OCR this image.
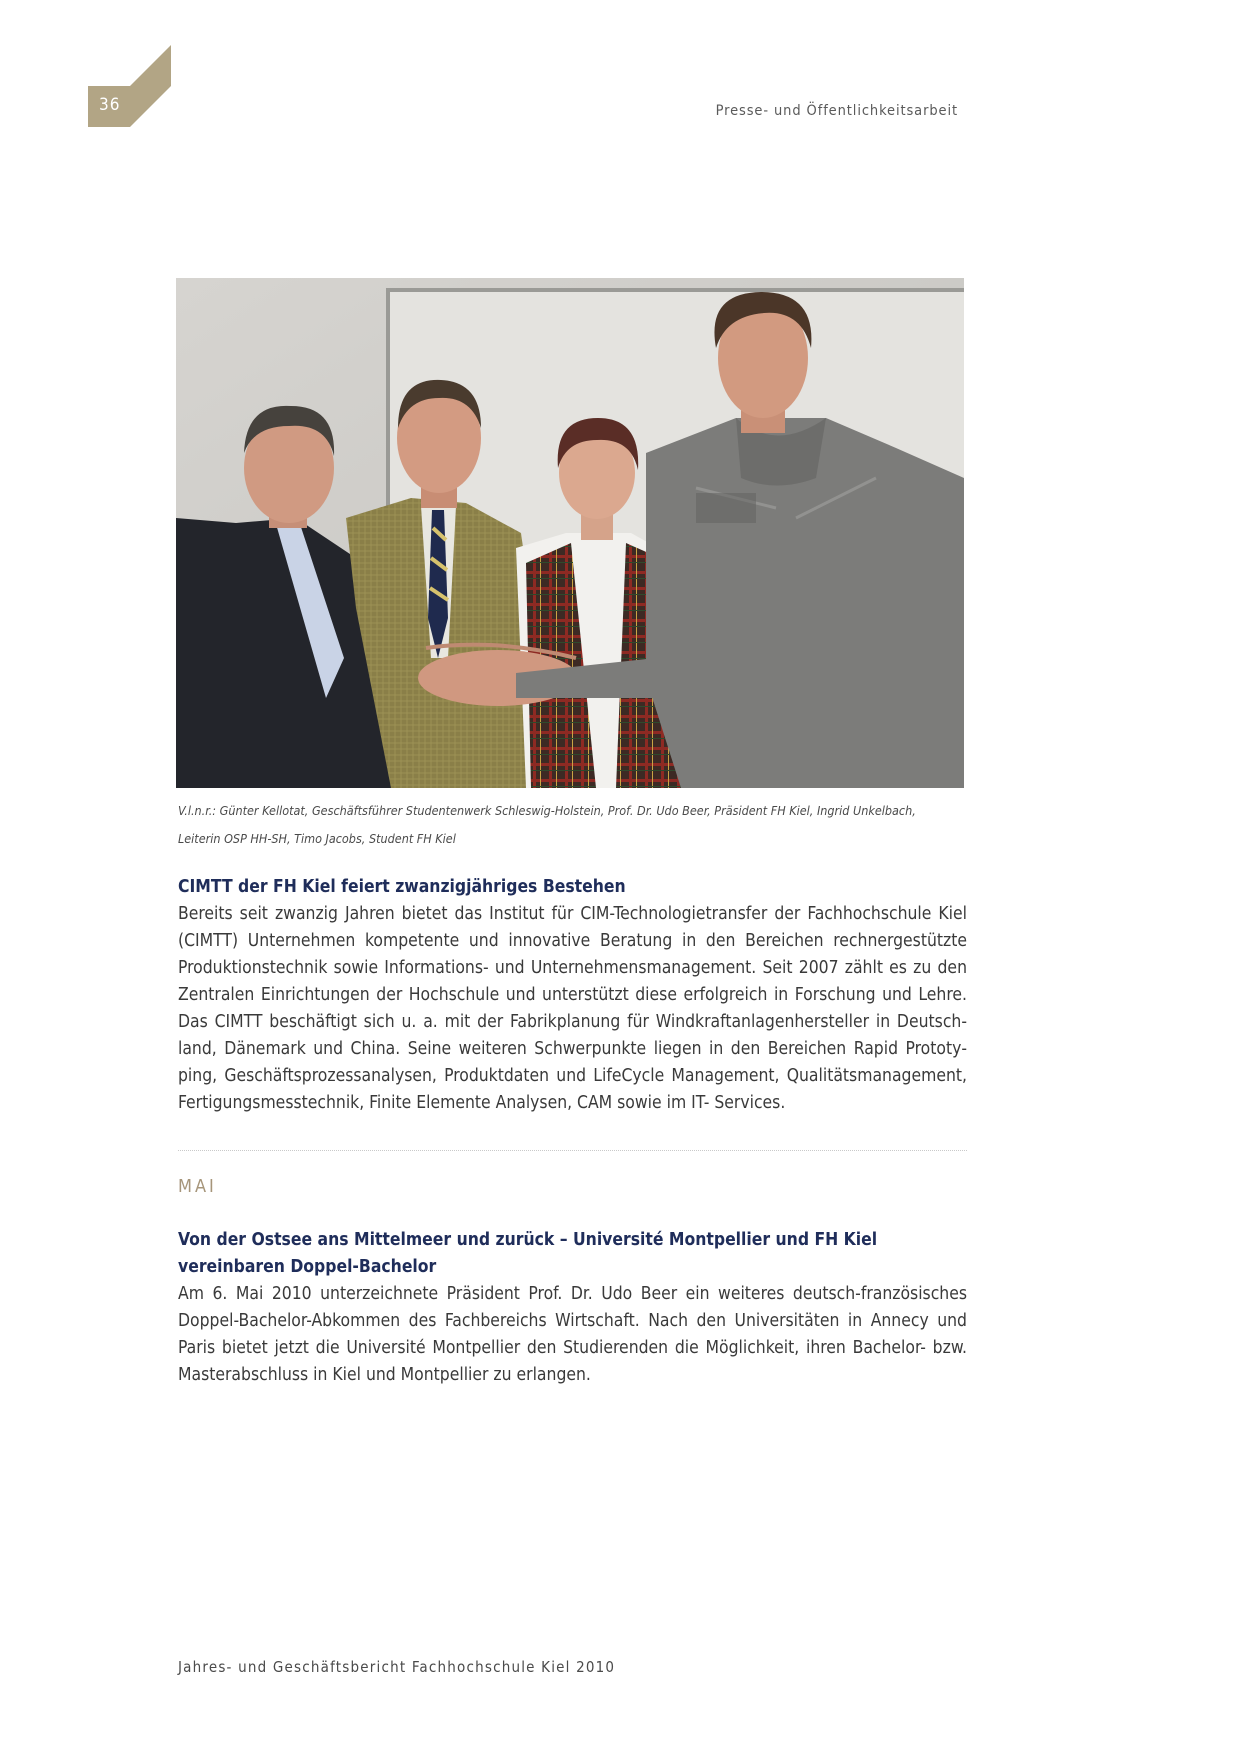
36	Presse- und Öffentlichkeitsarbeit
V.l.n.r.: Günter Kellotat, Geschäftsführer Studentenwerk Schleswig-Holstein, Prof. Dr. Udo Beer, Präsident FH Kiel, Ingrid Unkelbach,
Leiterin OSP HH-SH, Timo Jacobs, Student FH Kiel
CIMTT der FH Kiel feiert zwanzigjähriges Bestehen
Bereits seit zwanzig Jahren bietet das Institut für CIM-Technologietransfer der Fachhochschule Kiel (CIMTT) Unternehmen kompetente und innovative Beratung in den Bereichen rechnergestützte Produktionstechnik sowie Informations- und Unternehmensmanagement. Seit 2007 zählt es zu den Zentralen Einrichtungen der Hochschule und unterstützt diese erfolgreich in Forschung und Lehre. Das CIMTT beschäftigt sich u. a. mit der Fabrikplanung für Windkraftanlagenhersteller in Deutschland, Dänemark und China. Seine weiteren Schwerpunkte liegen in den Bereichen Rapid Prototyping, Geschäftsprozessanalysen, Produktdaten und LifeCycle Management, Qualitätsmanagement, Fertigungsmesstechnik, Finite Elemente Analysen, CAM sowie im IT- Services.
MAI
Von der Ostsee ans Mittelmeer und zurück – Université Montpellier und FH Kiel vereinbaren Doppel-Bachelor
Am 6. Mai 2010 unterzeichnete Präsident Prof. Dr. Udo Beer ein weiteres deutsch-französisches Doppel-Bachelor-Abkommen des Fachbereichs Wirtschaft. Nach den Universitäten in Annecy und Paris bietet jetzt die Université Montpellier den Studierenden die Möglichkeit, ihren Bachelor- bzw. Masterabschluss in Kiel und Montpellier zu erlangen.
Jahres- und Geschäftsbericht Fachhochschule Kiel 2010
